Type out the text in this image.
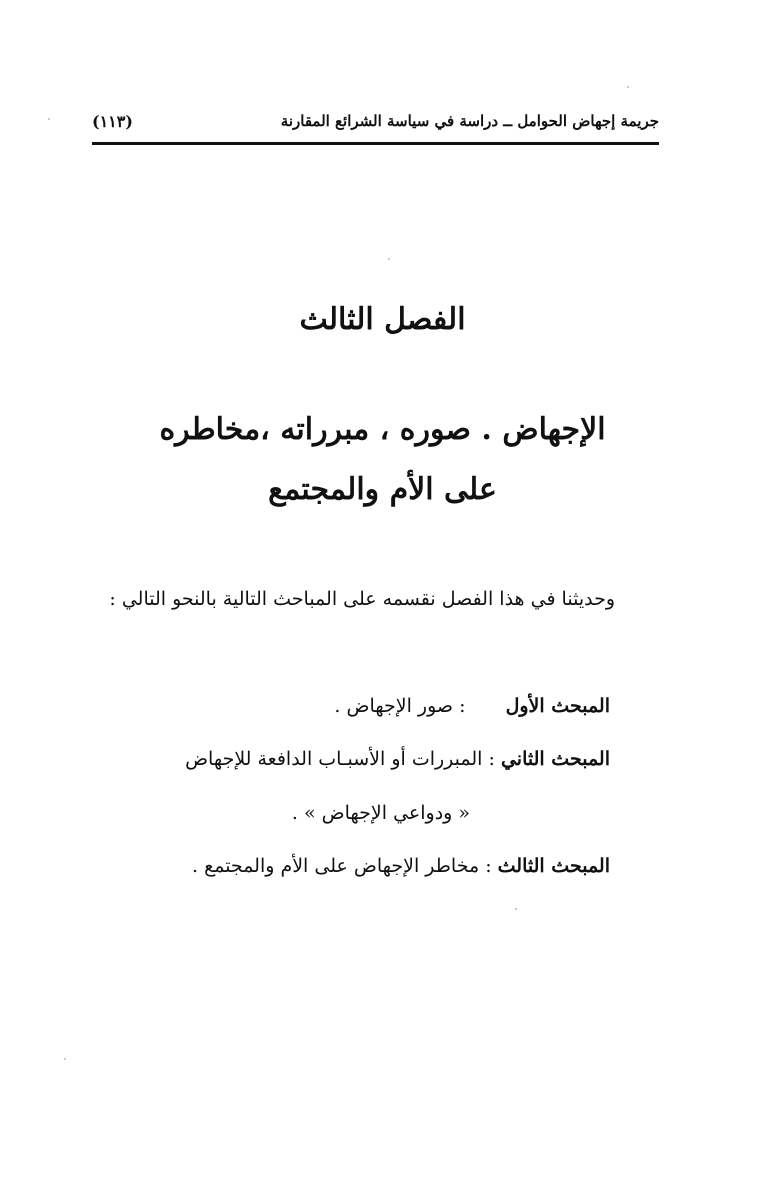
جريمة إجهاض الحوامل ــ دراسة في سياسة الشرائع المقارنة
(١١٣)
الفصل الثالث
الإجهاض . صوره ، مبرراته ،مخاطره
على الأم والمجتمع
وحديثنا في هذا الفصل نقسمه على المباحث التالية بالنحو التالي :
المبحث الأول  : صور الإجهاض .
المبحث الثاني : المبررات أو الأسبـاب الدافعة للإجهاض
« ودواعي الإجهاض » .
المبحث الثالث : مخاطر الإجهاض على الأم والمجتمع .
